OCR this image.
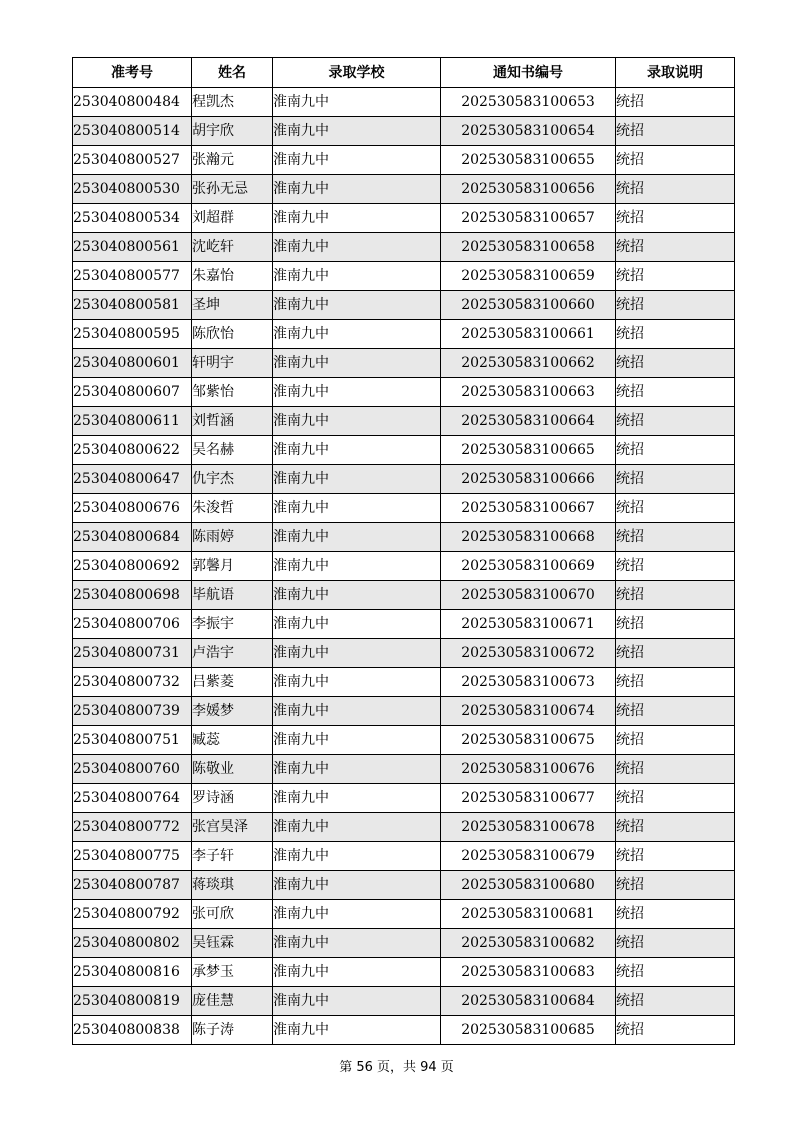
准考号	姓名	录取学校	通知书编号	录取说明
253040800484	程凯杰	淮南九中	202530583100653	统招
253040800514	胡宇欣	淮南九中	202530583100654	统招
253040800527	张瀚元	淮南九中	202530583100655	统招
253040800530	张孙无忌	淮南九中	202530583100656	统招
253040800534	刘超群	淮南九中	202530583100657	统招
253040800561	沈屹轩	淮南九中	202530583100658	统招
253040800577	朱嘉怡	淮南九中	202530583100659	统招
253040800581	圣坤	淮南九中	202530583100660	统招
253040800595	陈欣怡	淮南九中	202530583100661	统招
253040800601	轩明宇	淮南九中	202530583100662	统招
253040800607	邹紫怡	淮南九中	202530583100663	统招
253040800611	刘哲涵	淮南九中	202530583100664	统招
253040800622	吴名赫	淮南九中	202530583100665	统招
253040800647	仇宇杰	淮南九中	202530583100666	统招
253040800676	朱浚哲	淮南九中	202530583100667	统招
253040800684	陈雨婷	淮南九中	202530583100668	统招
253040800692	郭馨月	淮南九中	202530583100669	统招
253040800698	毕航语	淮南九中	202530583100670	统招
253040800706	李振宇	淮南九中	202530583100671	统招
253040800731	卢浩宇	淮南九中	202530583100672	统招
253040800732	吕紫菱	淮南九中	202530583100673	统招
253040800739	李媛梦	淮南九中	202530583100674	统招
253040800751	臧蕊	淮南九中	202530583100675	统招
253040800760	陈敬业	淮南九中	202530583100676	统招
253040800764	罗诗涵	淮南九中	202530583100677	统招
253040800772	张宫昊泽	淮南九中	202530583100678	统招
253040800775	李子轩	淮南九中	202530583100679	统招
253040800787	蒋琰琪	淮南九中	202530583100680	统招
253040800792	张可欣	淮南九中	202530583100681	统招
253040800802	吴钰霖	淮南九中	202530583100682	统招
253040800816	承梦玉	淮南九中	202530583100683	统招
253040800819	庞佳慧	淮南九中	202530583100684	统招
253040800838	陈子涛	淮南九中	202530583100685	统招
第 56 页，共 94 页
